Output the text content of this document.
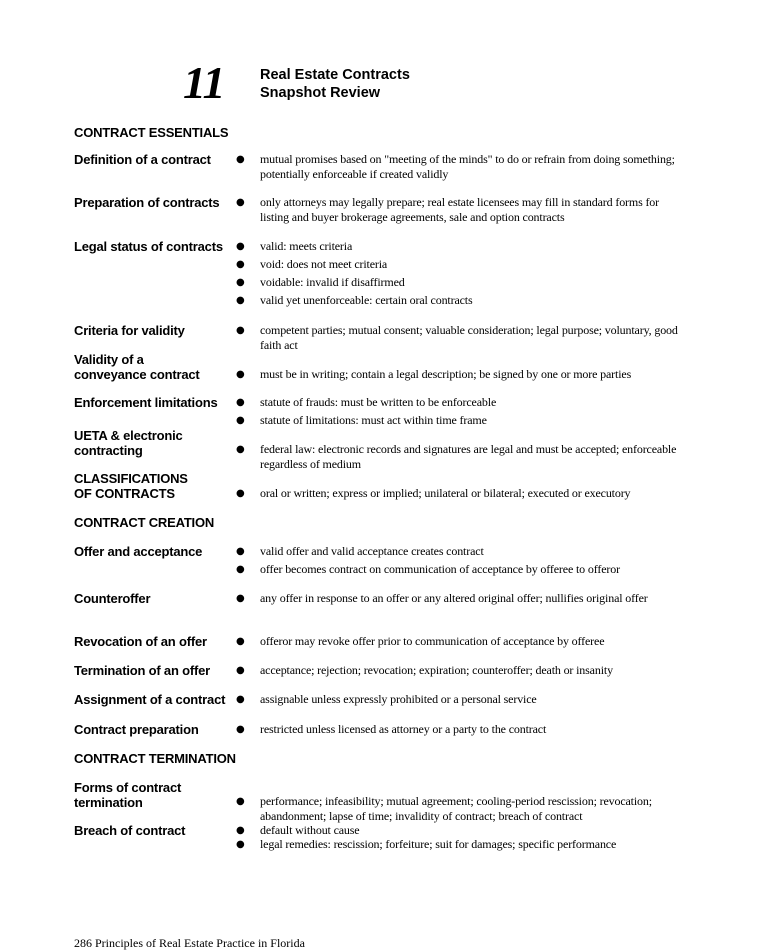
11 Real Estate Contracts
Snapshot Review
CONTRACT ESSENTIALS
Definition of a contract	● mutual promises based on "meeting of the minds" to do or refrain from doing something; potentially enforceable if created validly
Preparation of contracts	● only attorneys may legally prepare; real estate licensees may fill in standard forms for listing and buyer brokerage agreements, sale and option contracts
Legal status of contracts	● valid: meets criteria
● void: does not meet criteria
● voidable: invalid if disaffirmed
● valid yet unenforceable: certain oral contracts
Criteria for validity	● competent parties; mutual consent; valuable consideration; legal purpose; voluntary, good faith act
Validity of a
conveyance contract	● must be in writing; contain a legal description; be signed by one or more parties
Enforcement limitations	● statute of frauds: must be written to be enforceable
● statute of limitations: must act within time frame
UETA & electronic
contracting	● federal law: electronic records and signatures are legal and must be accepted; enforceable regardless of medium
CLASSIFICATIONS
OF CONTRACTS	● oral or written; express or implied; unilateral or bilateral; executed or executory
CONTRACT CREATION
Offer and acceptance	● valid offer and valid acceptance creates contract
● offer becomes contract on communication of acceptance by offeree to offeror
Counteroffer	● any offer in response to an offer or any altered original offer; nullifies original offer
Revocation of an offer	● offeror may revoke offer prior to communication of acceptance by offeree
Termination of an offer	● acceptance; rejection; revocation; expiration; counteroffer; death or insanity
Assignment of a contract	● assignable unless expressly prohibited or a personal service
Contract preparation	● restricted unless licensed as attorney or a party to the contract
CONTRACT TERMINATION
Forms of contract
termination	● performance; infeasibility; mutual agreement; cooling-period rescission; revocation; abandonment; lapse of time; invalidity of contract; breach of contract
Breach of contract	● default without cause
● legal remedies: rescission; forfeiture; suit for damages; specific performance
286 Principles of Real Estate Practice in Florida
